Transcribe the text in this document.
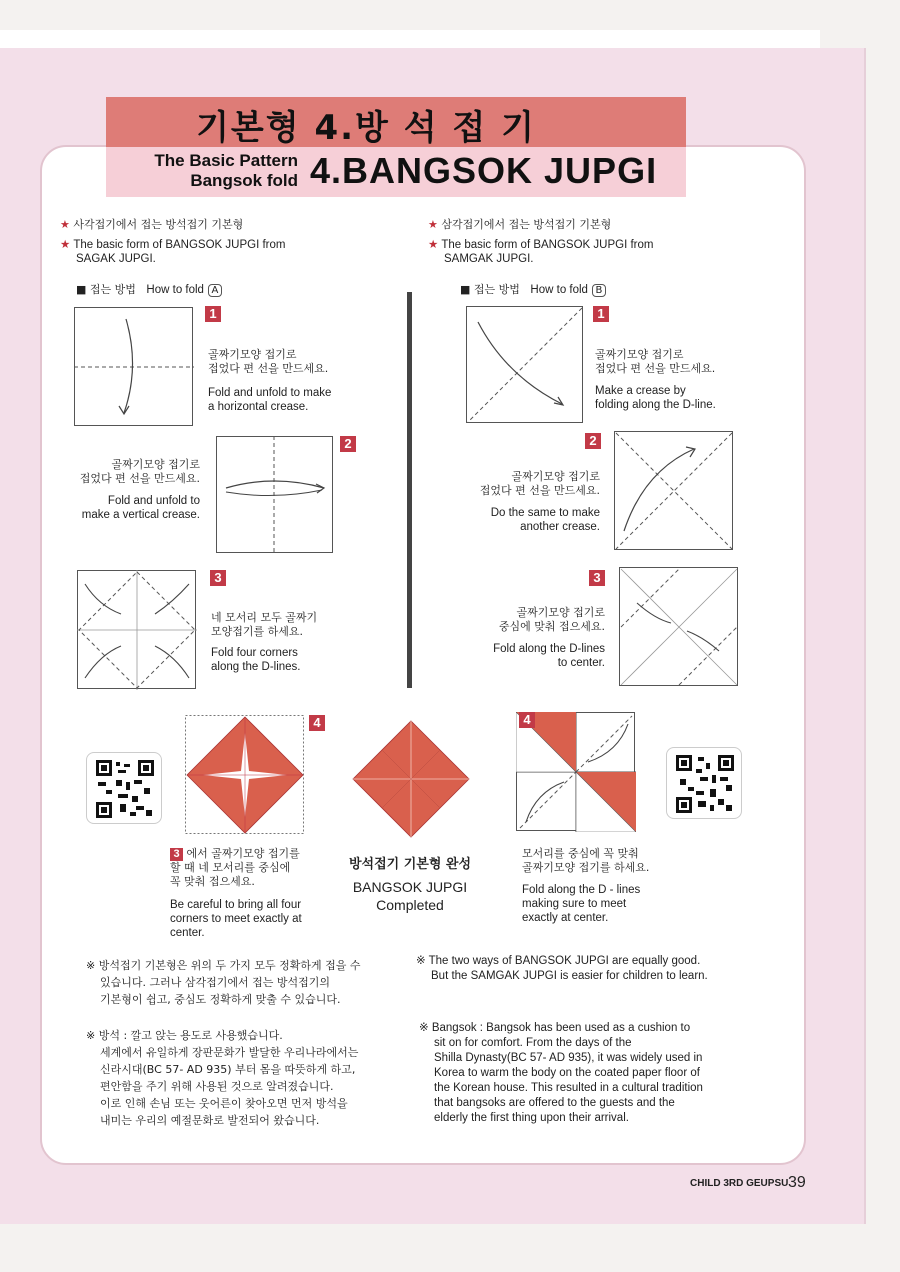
기본형 4.방 석 접 기
The Basic Pattern
Bangsok fold 4.BANGSOK JUPGI
★ 사각접기에서 접는 방석접기 기본형
★ The basic form of BANGSOK JUPGI from
SAGAK JUPGI.
■ 접는 방법 How to fold A
★ 삼각접기에서 접는 방석접기 기본형
★ The basic form of BANGSOK JUPGI from
SAMGAK JUPGI.
■ 접는 방법 How to fold B
1
골짜기모양 접기로
접었다 편 선을 만드세요.
Fold and unfold to make
a horizontal crease.
2
골짜기모양 접기로
접었다 편 선을 만드세요.
Fold and unfold to
make a vertical crease.
3
네 모서리 모두 골짜기
모양접기를 하세요.
Fold four corners
along the D-lines.
1
골짜기모양 접기로
접었다 편 선을 만드세요.
Make a crease by
folding along the D-line.
2
골짜기모양 접기로
접었다 편 선을 만드세요.
Do the same to make
another crease.
3
골짜기모양 접기로
중심에 맞춰 접으세요.
Fold along the D-lines
to center.
4	4
3 에서 골짜기모양 접기를
할 때 네 모서리를 중심에
꼭 맞춰 접으세요.
Be careful to bring all four
corners to meet exactly at
center.
방석접기 기본형 완성
BANGSOK JUPGI
Completed
모서리를 중심에 꼭 맞춰
골짜기모양 접기를 하세요.
Fold along the D - lines
making sure to meet
exactly at center.
※ 방석접기 기본형은 위의 두 가지 모두 정확하게 접을 수
있습니다. 그러나 삼각접기에서 접는 방석접기의
기본형이 쉽고, 중심도 정확하게 맞출 수 있습니다.
※ The two ways of BANGSOK JUPGI are equally good.
But the SAMGAK JUPGI is easier for children to learn.
※ 방석 : 깔고 앉는 용도로 사용했습니다.
세계에서 유일하게 장판문화가 발달한 우리나라에서는
신라시대(BC 57- AD 935) 부터 몸을 따뜻하게 하고,
편안함을 주기 위해 사용된 것으로 알려졌습니다.
이로 인해 손님 또는 웃어른이 찾아오면 먼저 방석을
내미는 우리의 예절문화로 발전되어 왔습니다.
※ Bangsok : Bangsok has been used as a cushion to
sit on for comfort. From the days of the
Shilla Dynasty(BC 57- AD 935), it was widely used in
Korea to warm the body on the coated paper floor of
the Korean house. This resulted in a cultural tradition
that bangsoks are offered to the guests and the
elderly the first thing upon their arrival.
CHILD 3RD GEUPSU 39
